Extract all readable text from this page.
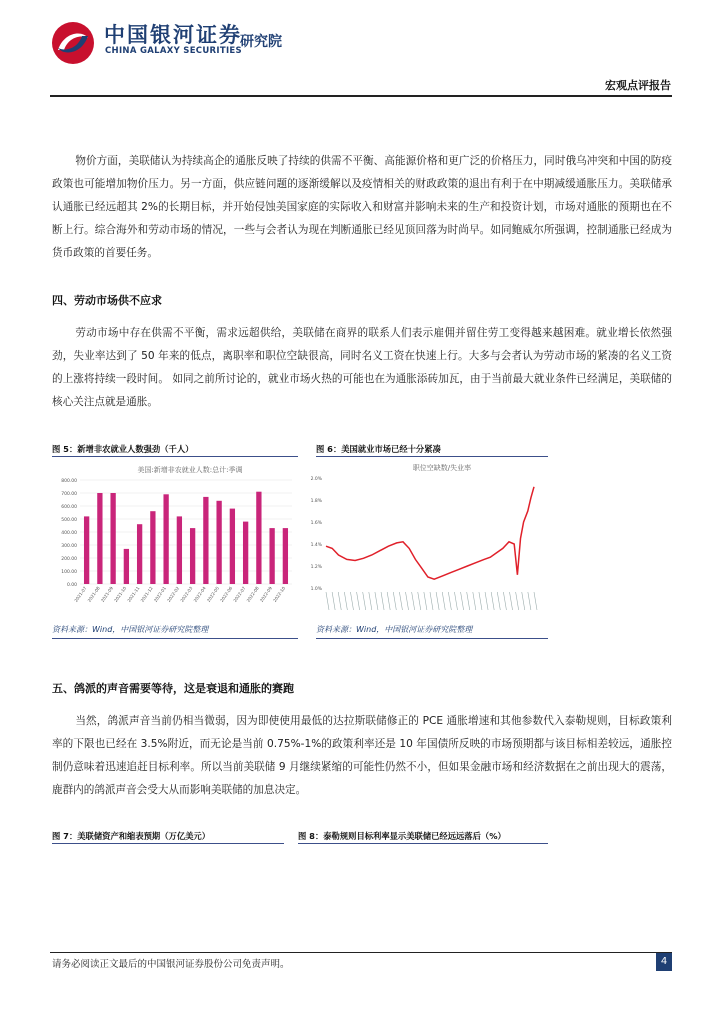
中国银河证券
CHINA GALAXY SECURITIES
研究院
宏观点评报告

物价方面，美联储认为持续高企的通胀反映了持续的供需不平衡、高能源价格和更广泛的价格压力，同时俄乌冲突和中国的防疫政策也可能增加物价压力。另一方面，供应链问题的逐渐缓解以及疫情相关的财政政策的退出有利于在中期减缓通胀压力。美联储承认通胀已经远超其 2%的长期目标，并开始侵蚀美国家庭的实际收入和财富并影响未来的生产和投资计划，市场对通胀的预期也在不断上行。综合海外和劳动市场的情况，一些与会者认为现在判断通胀已经见顶回落为时尚早。如同鲍威尔所强调，控制通胀已经成为货币政策的首要任务。

四、劳动市场供不应求

劳动市场中存在供需不平衡，需求远超供给，美联储在商界的联系人们表示雇佣并留住劳工变得越来越困难。就业增长依然强劲，失业率达到了 50 年来的低点，离职率和职位空缺很高，同时名义工资在快速上行。大多与会者认为劳动市场的紧凑的名义工资的上涨将持续一段时间。 如同之前所讨论的，就业市场火热的可能也在为通胀添砖加瓦，由于当前最大就业条件已经满足，美联储的核心关注点就是通胀。

图 5：新增非农就业人数强劲（千人）
美国:新增非农就业人数:总计:季调
0.00
100.00
200.00
300.00
400.00
500.00
600.00
700.00
800.00
2021-07 2021-08 2021-09 2021-10 2021-11 2021-12 2022-01 2022-02 2022-03 2022-04 2022-05 2022-06 2022-07 2022-08 2022-09 2022-10
图 6：美国就业市场已经十分紧凑
职位空缺数/失业率
1.0%
1.2%
1.4%
1.6%
1.8%
2.0%
资料来源：Wind，中国银河证券研究院整理	资料来源：Wind，中国银河证券研究院整理
五、鸽派的声音需要等待，这是衰退和通胀的赛跑

当然，鸽派声音当前仍相当微弱，因为即使使用最低的达拉斯联储修正的 PCE 通胀增速和其他参数代入泰勒规则，目标政策利率的下限也已经在 3.5%附近，而无论是当前 0.75%-1%的政策利率还是 10 年国债所反映的市场预期都与该目标相差较远，通胀控制仍意味着迅速追赶目标利率。所以当前美联储 9 月继续紧缩的可能性仍然不小，但如果金融市场和经济数据在之前出现大的震荡，鹿群内的鸽派声音会受大从而影响美联储的加息决定。

图 7：美联储资产和缩表预期（万亿美元）	图 8：泰勒规则目标利率显示美联储已经远远落后（%）
请务必阅读正文最后的中国银河证券股份公司免责声明。	4
